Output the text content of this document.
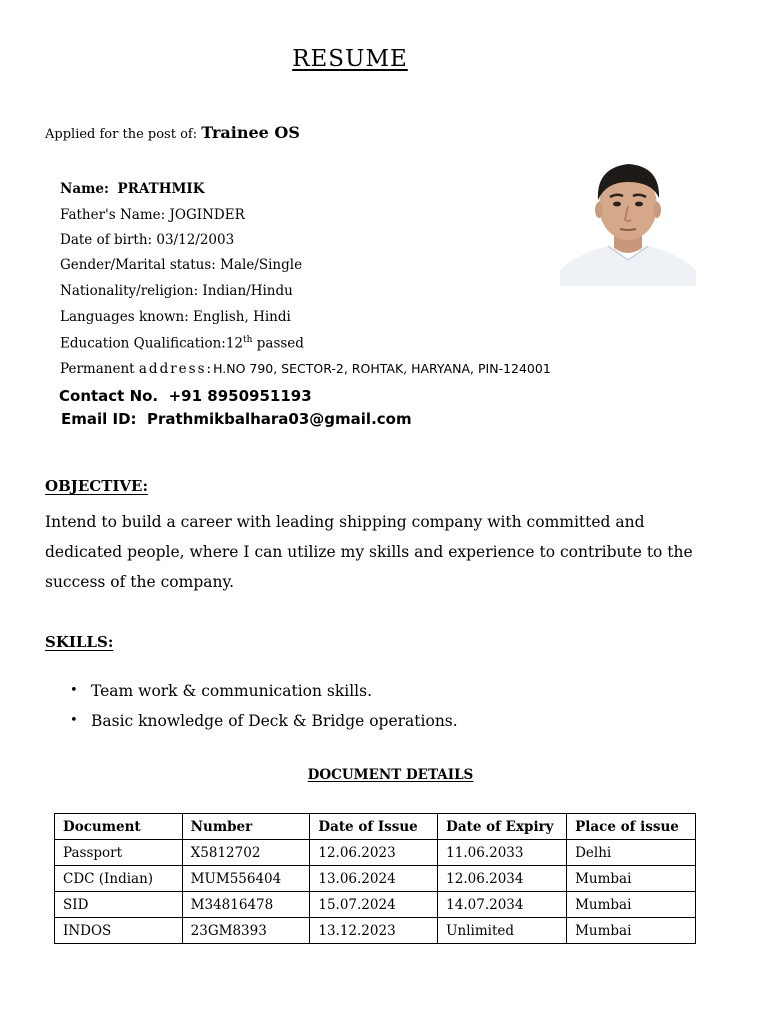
RESUME
Applied for the post of: Trainee OS
Name: PRATHMIK
Father's Name: JOGINDER
Date of birth: 03/12/2003
Gender/Marital status: Male/Single
Nationality/religion: Indian/Hindu
Languages known: English, Hindi
Education Qualification:12th passed
Permanent address:H.NO 790, SECTOR-2, ROHTAK, HARYANA, PIN-124001
Contact No. +91 8950951193
Email ID: Prathmikbalhara03@gmail.com
OBJECTIVE:

Intend to build a career with leading shipping company with committed and dedicated people, where I can utilize my skills and experience to contribute to the success of the company.

SKILLS:
• Team work & communication skills.
• Basic knowledge of Deck & Bridge operations.
DOCUMENT DETAILS
Document	Number	Date of Issue	Date of Expiry	Place of issue
Passport	X5812702	12.06.2023	11.06.2033	Delhi
CDC (Indian)	MUM556404	13.06.2024	12.06.2034	Mumbai
SID	M34816478	15.07.2024	14.07.2034	Mumbai
INDOS	23GM8393	13.12.2023	Unlimited	Mumbai
